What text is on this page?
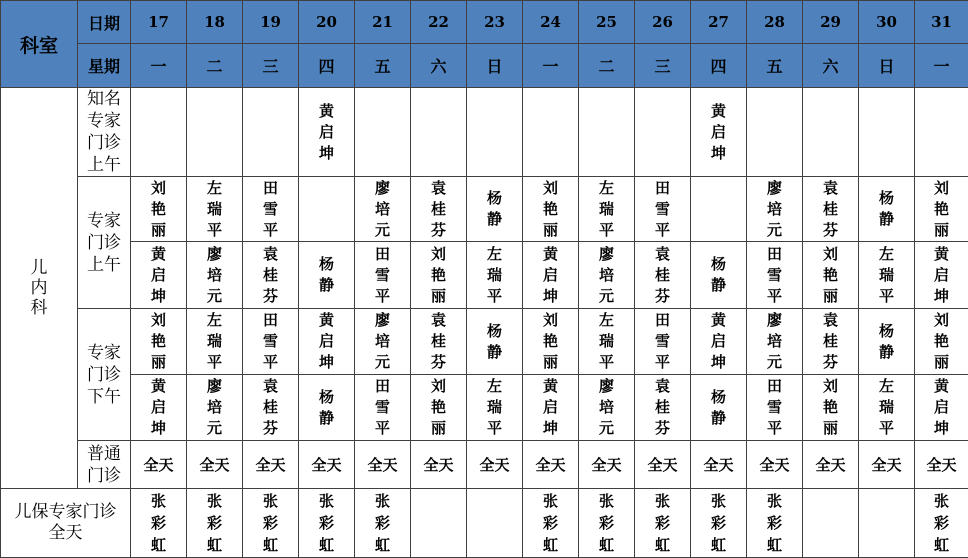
科室	日期	17	18	19	20	21	22	23	24	25	26	27	28	29	30	31
	星期	一	二	三	四	五	六	日	一	二	三	四	五	六	日	一
儿内科	知名专家门诊上午				黄启坤							黄启坤				
	专家门诊上午	刘艳丽	左瑞平	田雪平		廖培元	袁桂芬	杨静	刘艳丽	左瑞平	田雪平		廖培元	袁桂芬	杨静	刘艳丽
		黄启坤	廖培元	袁桂芬	杨静	田雪平	刘艳丽	左瑞平	黄启坤	廖培元	袁桂芬	杨静	田雪平	刘艳丽	左瑞平	黄启坤
	专家门诊下午	刘艳丽	左瑞平	田雪平	黄启坤	廖培元	袁桂芬	杨静	刘艳丽	左瑞平	田雪平	黄启坤	廖培元	袁桂芬	杨静	刘艳丽
		黄启坤	廖培元	袁桂芬	杨静	田雪平	刘艳丽	左瑞平	黄启坤	廖培元	袁桂芬	杨静	田雪平	刘艳丽	左瑞平	黄启坤
	普通门诊	全天	全天	全天	全天	全天	全天	全天	全天	全天	全天	全天	全天	全天	全天	全天
儿保专家门诊全天		张彩虹	张彩虹	张彩虹	张彩虹	张彩虹			张彩虹	张彩虹	张彩虹	张彩虹	张彩虹			张彩虹
